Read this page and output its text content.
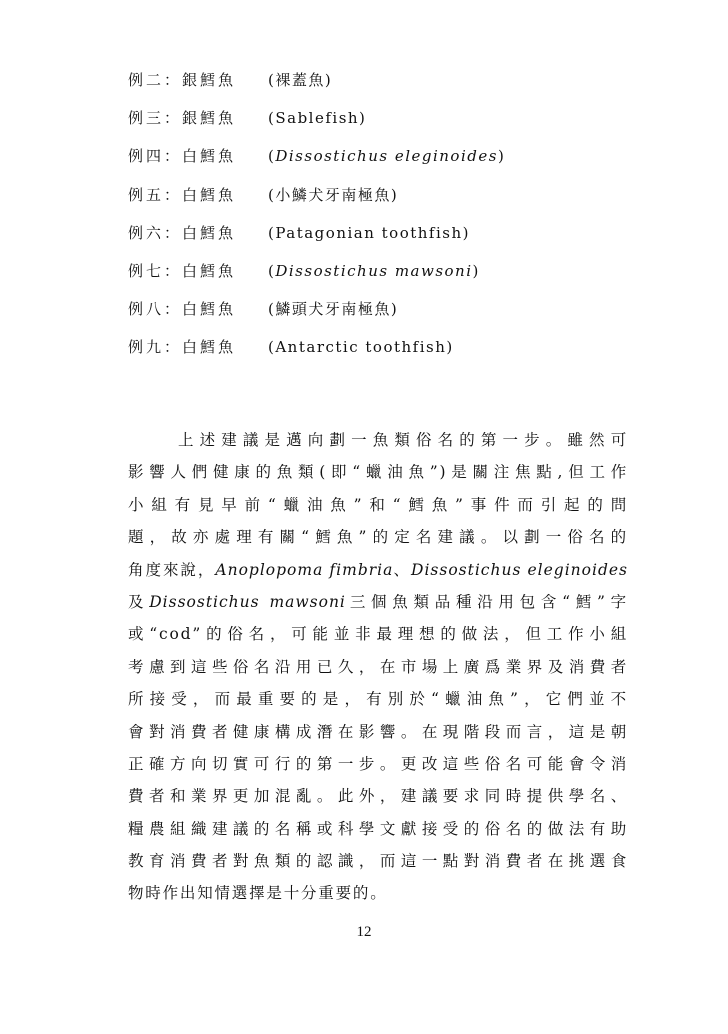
例二：銀鱈魚	(裸蓋魚)
例三：銀鱈魚	(Sablefish)
例四：白鱈魚	(Dissostichus eleginoides)
例五：白鱈魚	(小鱗犬牙南極魚)
例六：白鱈魚	(Patagonian toothfish)
例七：白鱈魚	(Dissostichus mawsoni)
例八：白鱈魚	(鱗頭犬牙南極魚)
例九：白鱈魚	(Antarctic toothfish)
上述建議是邁向劃一魚類俗名的第一步。雖然可
影響人們健康的魚類(即“蠟油魚”)是關注焦點,但工作
小組有見早前“蠟油魚”和“鱈魚”事件而引起的問
題，故亦處理有關“鱈魚”的定名建議。以劃一俗名的
角度來說，Anoplopoma fimbria、Dissostichus eleginoides
及Dissostichus mawsoni三個魚類品種沿用包含“鱈”字
或“cod”的俗名，可能並非最理想的做法，但工作小組
考慮到這些俗名沿用已久，在市場上廣爲業界及消費者
所接受，而最重要的是，有別於“蠟油魚”，它們並不
會對消費者健康構成潛在影響。在現階段而言，這是朝
正確方向切實可行的第一步。更改這些俗名可能會令消
費者和業界更加混亂。此外，建議要求同時提供學名、
糧農組織建議的名稱或科學文獻接受的俗名的做法有助
教育消費者對魚類的認識，而這一點對消費者在挑選食
物時作出知情選擇是十分重要的。
12
